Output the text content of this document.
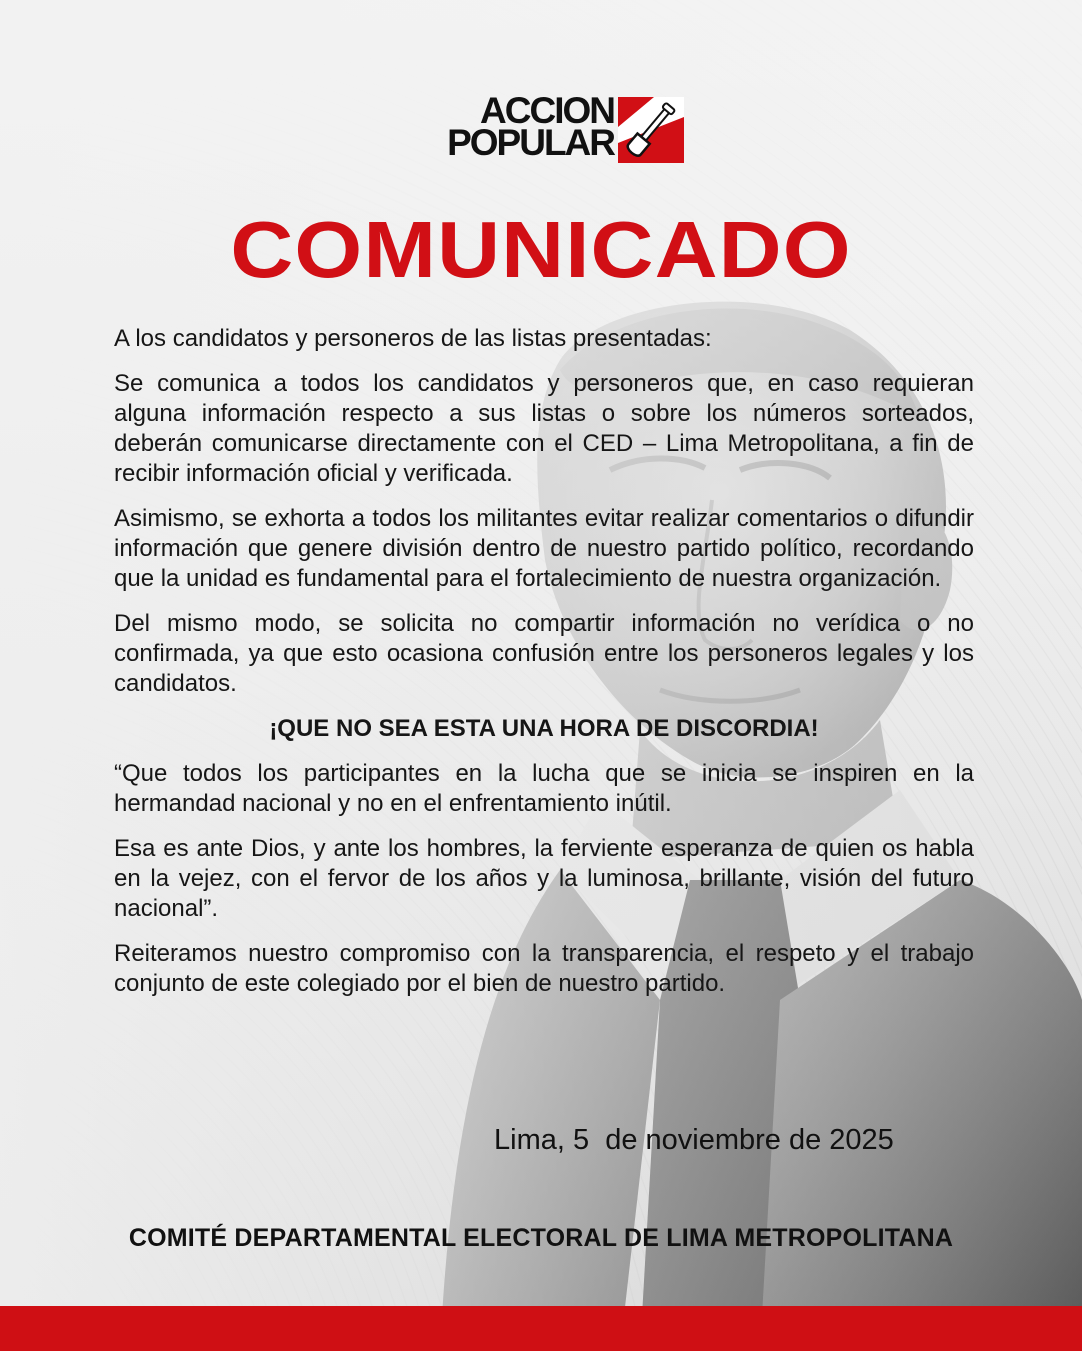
ACCION
POPULAR
COMUNICADO

A los candidatos y personeros de las listas presentadas:

Se comunica a todos los candidatos y personeros que, en caso requieran alguna información respecto a sus listas o sobre los números sorteados, deberán comunicarse directamente con el CED – Lima Metropolitana, a fin de recibir información oficial y verificada.

Asimismo, se exhorta a todos los militantes evitar realizar comentarios o difundir información que genere división dentro de nuestro partido político, recordando que la unidad es fundamental para el fortalecimiento de nuestra organización.

Del mismo modo, se solicita no compartir información no verídica o no confirmada, ya que esto ocasiona confusión entre los personeros legales y los candidatos.

¡QUE NO SEA ESTA UNA HORA DE DISCORDIA!

“Que todos los participantes en la lucha que se inicia se inspiren en la hermandad nacional y no en el enfrentamiento inútil.

Esa es ante Dios, y ante los hombres, la ferviente esperanza de quien os habla en la vejez, con el fervor de los años y la luminosa, brillante, visión del futuro nacional”.

Reiteramos nuestro compromiso con la transparencia, el respeto y el trabajo conjunto de este colegiado por el bien de nuestro partido.

Lima, 5  de noviembre de 2025
COMITÉ DEPARTAMENTAL ELECTORAL DE LIMA METROPOLITANA
